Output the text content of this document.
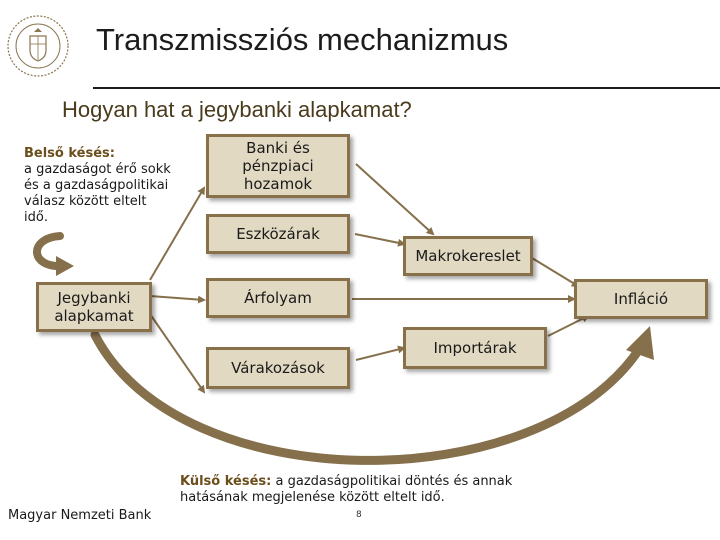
Transzmissziós mechanizmus
Hogyan hat a jegybanki alapkamat?
Belső késés:
a gazdaságot érő sokk és a gazdaságpolitikai válasz között eltelt idő.
Jegybanki
alapkamat
Banki és
pénzpiaci
hozamok
Eszközárak
Árfolyam
Várakozások
Makrokereslet
Importárak
Infláció
Külső késés: a gazdaságpolitikai döntés és annak hatásának megjelenése között eltelt idő.
Magyar Nemzeti Bank	8
